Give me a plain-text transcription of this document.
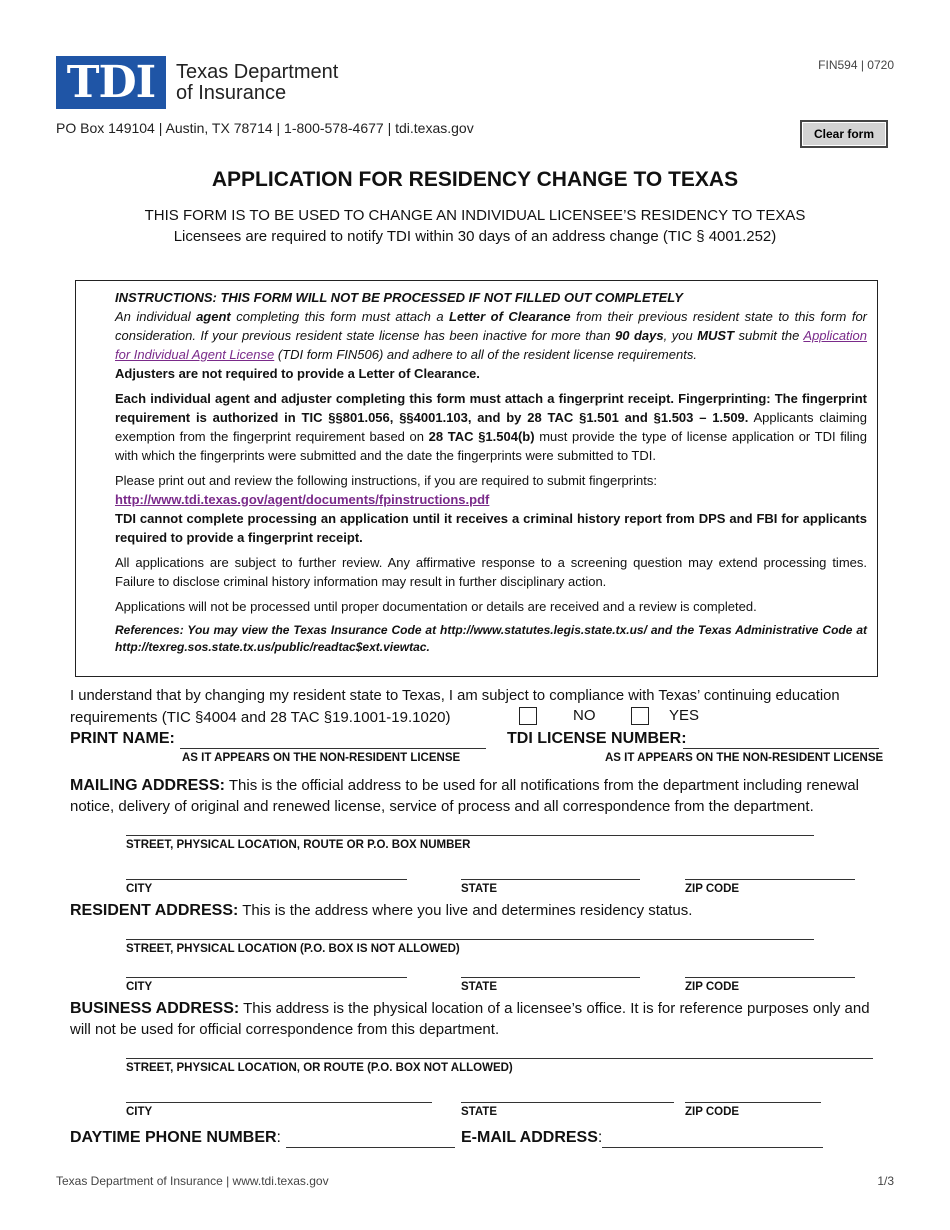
TDI Texas Department
of Insurance
FIN594 | 0720
PO Box 149104 | Austin, TX 78714 | 1-800-578-4677 | tdi.texas.gov	Clear form
APPLICATION FOR RESIDENCY CHANGE TO TEXAS
THIS FORM IS TO BE USED TO CHANGE AN INDIVIDUAL LICENSEE’S RESIDENCY TO TEXAS
Licensees are required to notify TDI within 30 days of an address change (TIC § 4001.252)

INSTRUCTIONS: THIS FORM WILL NOT BE PROCESSED IF NOT FILLED OUT COMPLETELY

An individual agent completing this form must attach a Letter of Clearance from their previous resident state to this form for consideration. If your previous resident state license has been inactive for more than 90 days, you MUST submit the Application for Individual Agent License (TDI form FIN506) and adhere to all of the resident license requirements.

Adjusters are not required to provide a Letter of Clearance.

Each individual agent and adjuster completing this form must attach a fingerprint receipt. Fingerprinting: The fingerprint requirement is authorized in TIC §§801.056, §§4001.103, and by 28 TAC §1.501 and §1.503 – 1.509. Applicants claiming exemption from the fingerprint requirement based on 28 TAC §1.504(b) must provide the type of license application or TDI filing with which the fingerprints were submitted and the date the fingerprints were submitted to TDI.

Please print out and review the following instructions, if you are required to submit fingerprints:

http://www.tdi.texas.gov/agent/documents/fpinstructions.pdf

TDI cannot complete processing an application until it receives a criminal history report from DPS and FBI for applicants required to provide a fingerprint receipt.

All applications are subject to further review. Any affirmative response to a screening question may extend processing times. Failure to disclose criminal history information may result in further disciplinary action.

Applications will not be processed until proper documentation or details are received and a review is completed.

References: You may view the Texas Insurance Code at http://www.statutes.legis.state.tx.us/ and the Texas Administrative Code at http://texreg.sos.state.tx.us/public/readtac$ext.viewtac.

I understand that by changing my resident state to Texas, I am subject to compliance with Texas’ continuing education
requirements (TIC §4004 and 28 TAC §19.1001-19.1020)	NO	YES
PRINT NAME:
AS IT APPEARS ON THE NON-RESIDENT LICENSE
TDI LICENSE NUMBER:
AS IT APPEARS ON THE NON-RESIDENT LICENSE
MAILING ADDRESS: This is the official address to be used for all notifications from the department including renewal notice, delivery of original and renewed license, service of process and all correspondence from the department.
STREET, PHYSICAL LOCATION, ROUTE OR P.O. BOX NUMBER
CITY	STATE	ZIP CODE
RESIDENT ADDRESS: This is the address where you live and determines residency status.
STREET, PHYSICAL LOCATION (P.O. BOX IS NOT ALLOWED)
CITY	STATE	ZIP CODE
BUSINESS ADDRESS: This address is the physical location of a licensee’s office. It is for reference purposes only and will not be used for official correspondence from this department.
STREET, PHYSICAL LOCATION, OR ROUTE (P.O. BOX NOT ALLOWED)
CITY	STATE	ZIP CODE
DAYTIME PHONE NUMBER:	E-MAIL ADDRESS:
Texas Department of Insurance | www.tdi.texas.gov	1/3
